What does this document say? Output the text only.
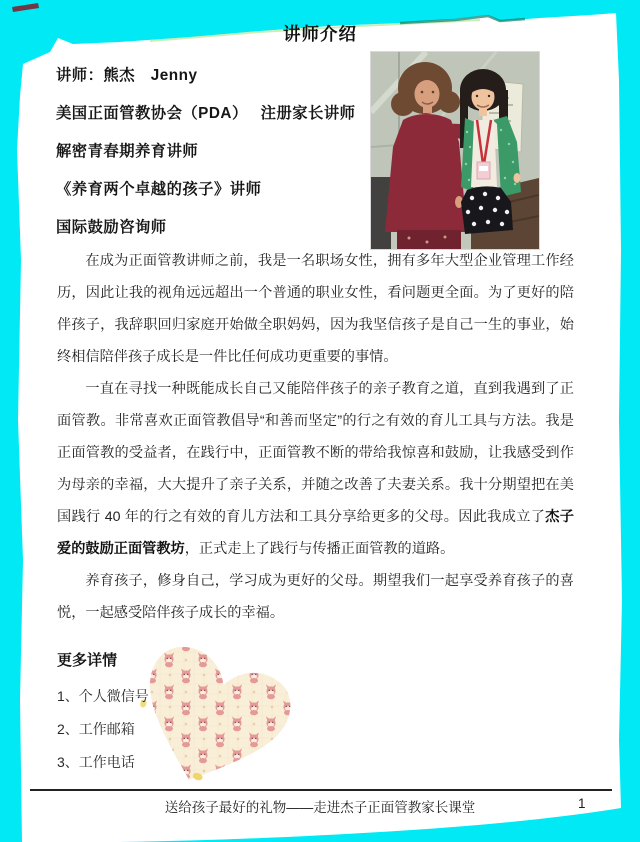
讲师介绍
讲师：熊杰　Jenny
美国正面管教协会（PDA）　 注册家长讲师
解密青春期养育讲师
《养育两个卓越的孩子》讲师
国际鼓励咨询师

在成为正面管教讲师之前，我是一名职场女性，拥有多年大型企业管理工作经历，因此让我的视角远远超出一个普通的职业女性，看问题更全面。为了更好的陪伴孩子，我辞职回归家庭开始做全职妈妈，因为我坚信孩子是自己一生的事业，始终相信陪伴孩子成长是一件比任何成功更重要的事情。

一直在寻找一种既能成长自己又能陪伴孩子的亲子教育之道，直到我遇到了正面管教。非常喜欢正面管教倡导“和善而坚定”的行之有效的育儿工具与方法。我是正面管教的受益者，在践行中，正面管教不断的带给我惊喜和鼓励，让我感受到作为母亲的幸福，大大提升了亲子关系，并随之改善了夫妻关系。我十分期望把在美国践行 40 年的行之有效的育儿方法和工具分享给更多的父母。因此我成立了杰子爱的鼓励正面管教坊，正式走上了践行与传播正面管教的道路。

养育孩子，修身自己，学习成为更好的父母。期望我们一起享受养育孩子的喜悦，一起感受陪伴孩子成长的幸福。

更多详情
1、个人微信号
2、工作邮箱
3、工作电话
送给孩子最好的礼物——走进杰子正面管教家长课堂	1
